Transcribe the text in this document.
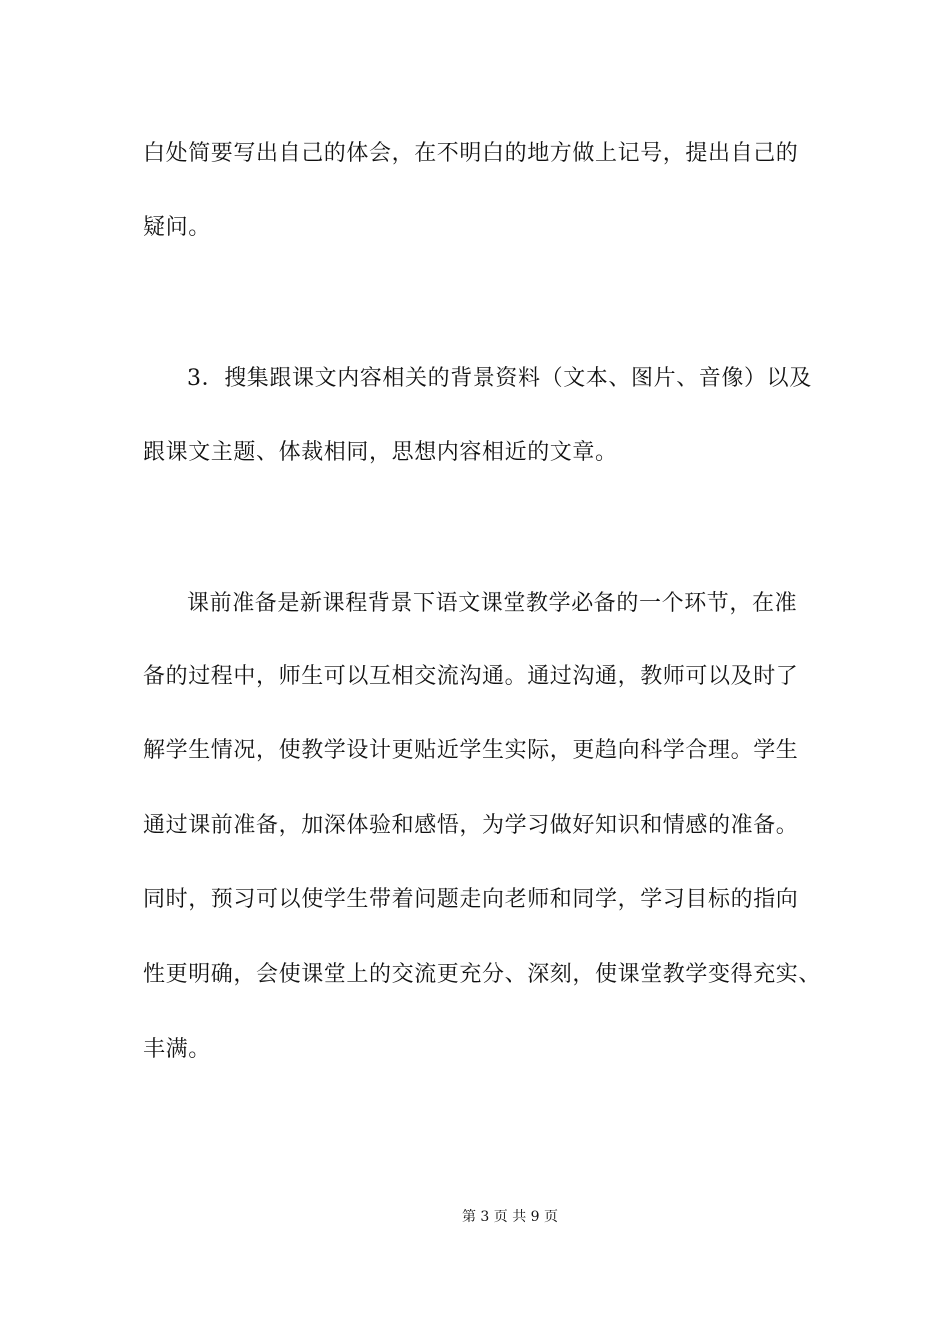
白处简要写出自己的体会，在不明白的地方做上记号，提出自己的
疑问。
3．搜集跟课文内容相关的背景资料（文本、图片、音像）以及
跟课文主题、体裁相同，思想内容相近的文章。
课前准备是新课程背景下语文课堂教学必备的一个环节，在准
备的过程中，师生可以互相交流沟通。通过沟通，教师可以及时了
解学生情况，使教学设计更贴近学生实际，更趋向科学合理。学生
通过课前准备，加深体验和感悟，为学习做好知识和情感的准备。
同时，预习可以使学生带着问题走向老师和同学，学习目标的指向
性更明确，会使课堂上的交流更充分、深刻，使课堂教学变得充实、
丰满。
第 3 页 共 9 页
